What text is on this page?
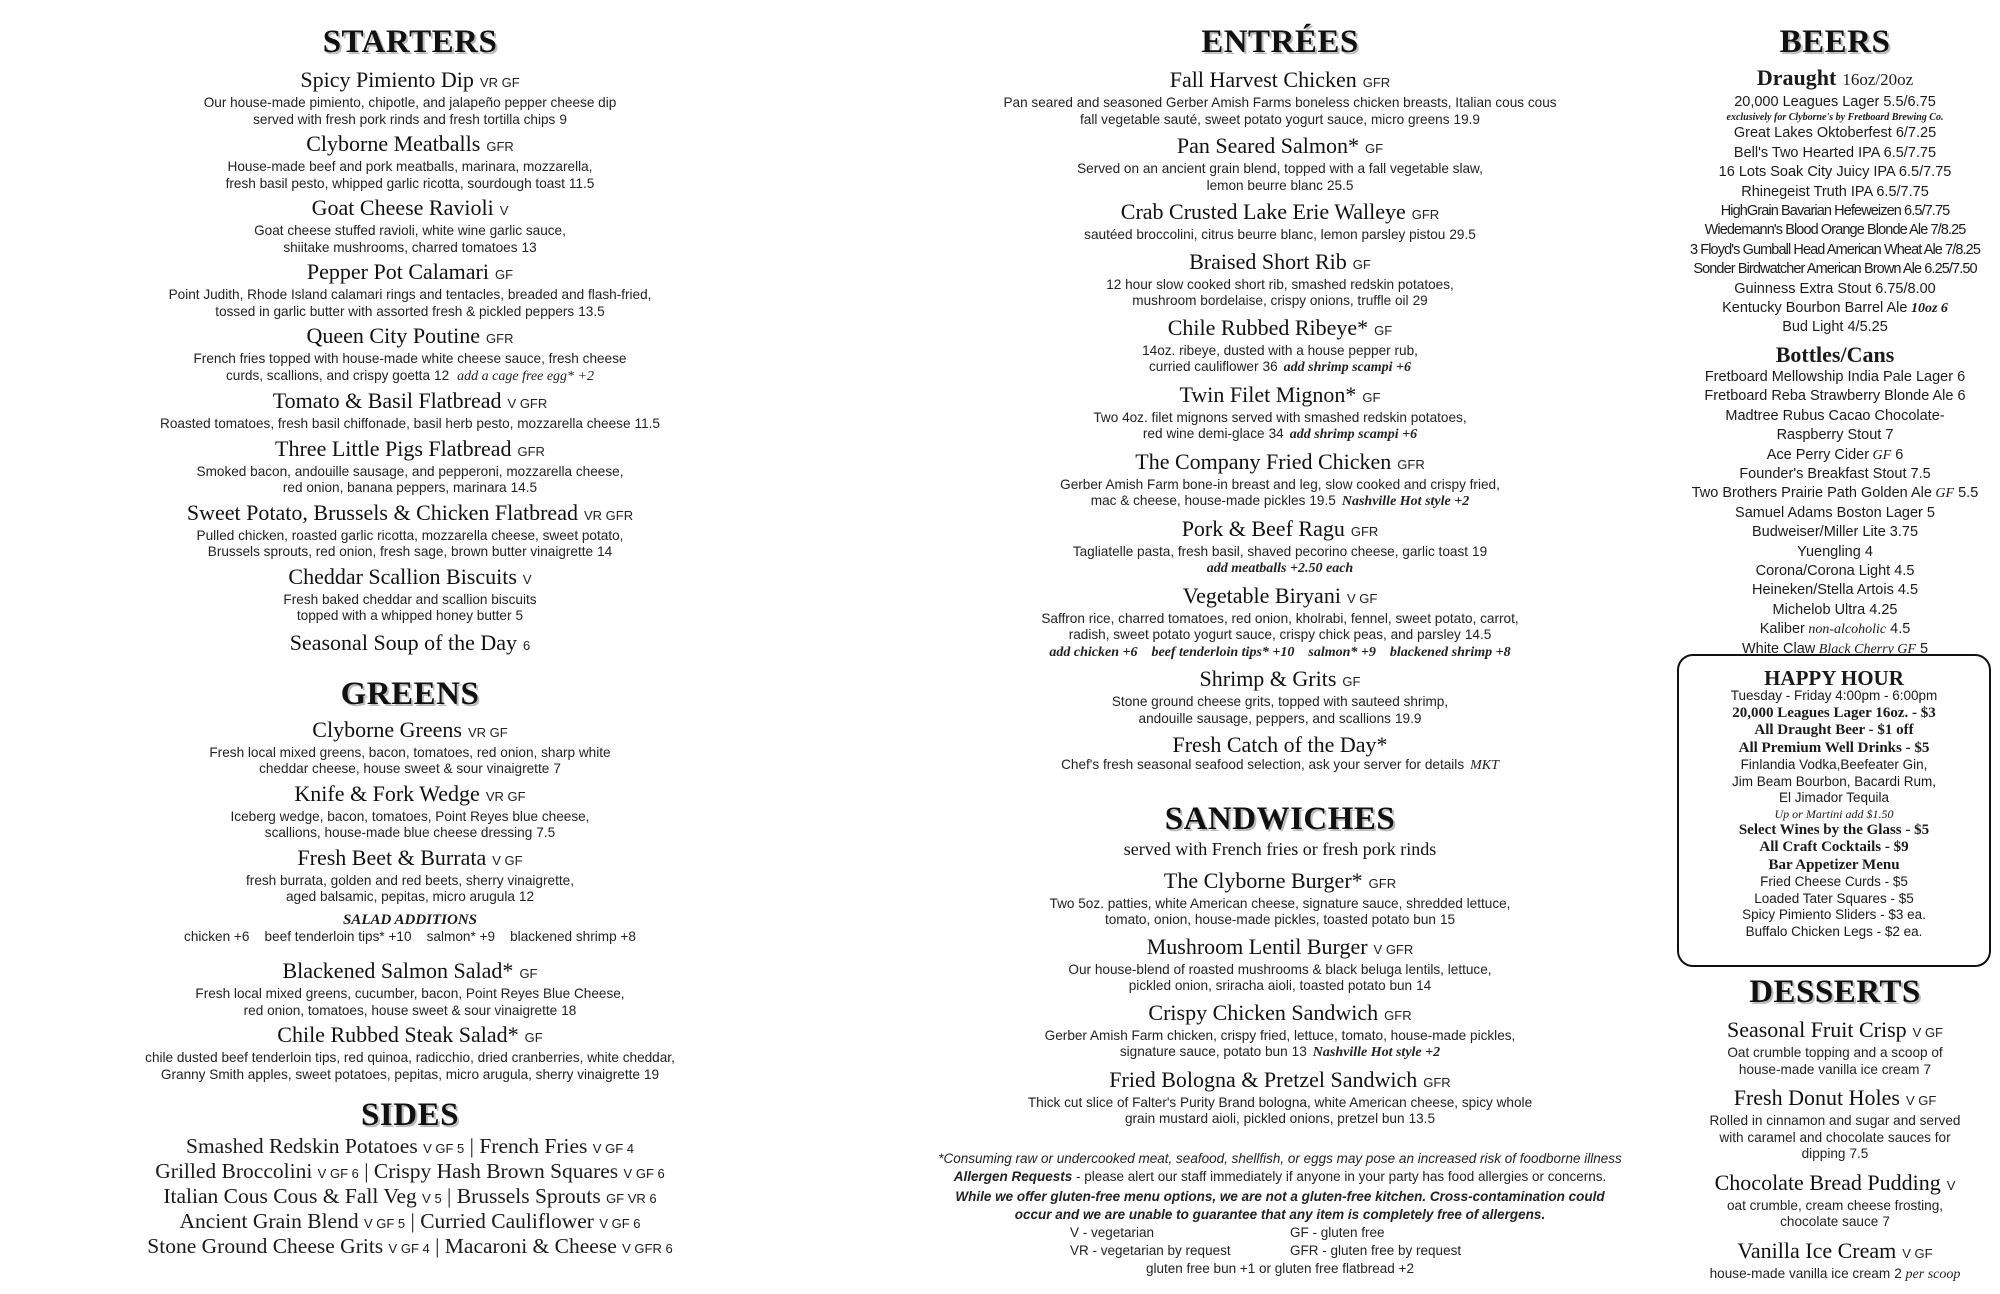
STARTERS
Spicy Pimiento Dip VR GF
Our house-made pimiento, chipotle, and jalapeño pepper cheese dip
served with fresh pork rinds and fresh tortilla chips 9
Clyborne Meatballs GFR
House-made beef and pork meatballs, marinara, mozzarella,
fresh basil pesto, whipped garlic ricotta, sourdough toast 11.5
Goat Cheese Ravioli V
Goat cheese stuffed ravioli, white wine garlic sauce,
shiitake mushrooms, charred tomatoes 13
Pepper Pot Calamari GF
Point Judith, Rhode Island calamari rings and tentacles, breaded and flash-fried,
tossed in garlic butter with assorted fresh & pickled peppers 13.5
Queen City Poutine GFR
French fries topped with house-made white cheese sauce, fresh cheese
curds, scallions, and crispy goetta 12 add a cage free egg* +2
Tomato & Basil Flatbread V GFR
Roasted tomatoes, fresh basil chiffonade, basil herb pesto, mozzarella cheese 11.5
Three Little Pigs Flatbread GFR
Smoked bacon, andouille sausage, and pepperoni, mozzarella cheese,
red onion, banana peppers, marinara 14.5
Sweet Potato, Brussels & Chicken Flatbread VR GFR
Pulled chicken, roasted garlic ricotta, mozzarella cheese, sweet potato,
Brussels sprouts, red onion, fresh sage, brown butter vinaigrette 14
Cheddar Scallion Biscuits V
Fresh baked cheddar and scallion biscuits
topped with a whipped honey butter 5
Seasonal Soup of the Day 6
GREENS
Clyborne Greens VR GF
Fresh local mixed greens, bacon, tomatoes, red onion, sharp white
cheddar cheese, house sweet & sour vinaigrette 7
Knife & Fork Wedge VR GF
Iceberg wedge, bacon, tomatoes, Point Reyes blue cheese,
scallions, house-made blue cheese dressing 7.5
Fresh Beet & Burrata V GF
fresh burrata, golden and red beets, sherry vinaigrette,
aged balsamic, pepitas, micro arugula 12
SALAD ADDITIONS
chicken +6    beef tenderloin tips* +10    salmon* +9    blackened shrimp +8
Blackened Salmon Salad* GF
Fresh local mixed greens, cucumber, bacon, Point Reyes Blue Cheese,
red onion, tomatoes, house sweet & sour vinaigrette 18
Chile Rubbed Steak Salad* GF
chile dusted beef tenderloin tips, red quinoa, radicchio, dried cranberries, white cheddar,
Granny Smith apples, sweet potatoes, pepitas, micro arugula, sherry vinaigrette 19
SIDES
Smashed Redskin Potatoes V GF 5 | French Fries V GF 4
Grilled Broccolini V GF 6 | Crispy Hash Brown Squares V GF 6
Italian Cous Cous & Fall Veg V 5 | Brussels Sprouts GF VR 6
Ancient Grain Blend V GF 5 | Curried Cauliflower V GF 6
Stone Ground Cheese Grits V GF 4 | Macaroni & Cheese V GFR 6
ENTRÉES
Fall Harvest Chicken GFR
Pan seared and seasoned Gerber Amish Farms boneless chicken breasts, Italian cous cous
fall vegetable sauté, sweet potato yogurt sauce, micro greens 19.9
Pan Seared Salmon* GF
Served on an ancient grain blend, topped with a fall vegetable slaw,
lemon beurre blanc 25.5
Crab Crusted Lake Erie Walleye GFR
sautéed broccolini, citrus beurre blanc, lemon parsley pistou 29.5
Braised Short Rib GF
12 hour slow cooked short rib, smashed redskin potatoes,
mushroom bordelaise, crispy onions, truffle oil 29
Chile Rubbed Ribeye* GF
14oz. ribeye, dusted with a house pepper rub,
curried cauliflower 36 add shrimp scampi +6
Twin Filet Mignon* GF
Two 4oz. filet mignons served with smashed redskin potatoes,
red wine demi-glace 34 add shrimp scampi +6
The Company Fried Chicken GFR
Gerber Amish Farm bone-in breast and leg, slow cooked and crispy fried,
mac & cheese, house-made pickles 19.5 Nashville Hot style +2
Pork & Beef Ragu GFR
Tagliatelle pasta, fresh basil, shaved pecorino cheese, garlic toast 19
add meatballs +2.50 each
Vegetable Biryani V GF
Saffron rice, charred tomatoes, red onion, kholrabi, fennel, sweet potato, carrot,
radish, sweet potato yogurt sauce, crispy chick peas, and parsley 14.5
add chicken +6    beef tenderloin tips* +10    salmon* +9    blackened shrimp +8
Shrimp & Grits GF
Stone ground cheese grits, topped with sauteed shrimp,
andouille sausage, peppers, and scallions 19.9
Fresh Catch of the Day*
Chef's fresh seasonal seafood selection, ask your server for details MKT
SANDWICHES
served with French fries or fresh pork rinds
The Clyborne Burger* GFR
Two 5oz. patties, white American cheese, signature sauce, shredded lettuce,
tomato, onion, house-made pickles, toasted potato bun 15
Mushroom Lentil Burger V GFR
Our house-blend of roasted mushrooms & black beluga lentils, lettuce,
pickled onion, sriracha aioli, toasted potato bun 14
Crispy Chicken Sandwich GFR
Gerber Amish Farm chicken, crispy fried, lettuce, tomato, house-made pickles,
signature sauce, potato bun 13 Nashville Hot style +2
Fried Bologna & Pretzel Sandwich GFR
Thick cut slice of Falter's Purity Brand bologna, white American cheese, spicy whole
grain mustard aioli, pickled onions, pretzel bun 13.5
*Consuming raw or undercooked meat, seafood, shellfish, or eggs may pose an increased risk of foodborne illness
Allergen Requests - please alert our staff immediately if anyone in your party has food allergies or concerns.
While we offer gluten-free menu options, we are not a gluten-free kitchen. Cross-contamination could
occur and we are unable to guarantee that any item is completely free of allergens.
V - vegetarian	GF - gluten free
VR - vegetarian by request	GFR - gluten free by request
gluten free bun +1 or gluten free flatbread +2
BEERS
Draught 16oz/20oz
20,000 Leagues Lager 5.5/6.75
exclusively for Clyborne's by Fretboard Brewing Co.
Great Lakes Oktoberfest 6/7.25
Bell's Two Hearted IPA 6.5/7.75
16 Lots Soak City Juicy IPA 6.5/7.75
Rhinegeist Truth IPA 6.5/7.75
HighGrain Bavarian Hefeweizen 6.5/7.75
Wiedemann's Blood Orange Blonde Ale 7/8.25
3 Floyd's Gumball Head American Wheat Ale 7/8.25
Sonder Birdwatcher American Brown Ale 6.25/7.50
Guinness Extra Stout 6.75/8.00
Kentucky Bourbon Barrel Ale 10oz 6
Bud Light 4/5.25
Bottles/Cans
Fretboard Mellowship India Pale Lager 6
Fretboard Reba Strawberry Blonde Ale 6
Madtree Rubus Cacao Chocolate-
Raspberry Stout 7
Ace Perry Cider GF 6
Founder's Breakfast Stout 7.5
Two Brothers Prairie Path Golden Ale GF 5.5
Samuel Adams Boston Lager 5
Budweiser/Miller Lite 3.75
Yuengling 4
Corona/Corona Light 4.5
Heineken/Stella Artois 4.5
Michelob Ultra 4.25
Kaliber non-alcoholic 4.5
White Claw Black Cherry GF 5
HAPPY HOUR
Tuesday - Friday 4:00pm - 6:00pm
20,000 Leagues Lager 16oz. - $3
All Draught Beer - $1 off
All Premium Well Drinks - $5
Finlandia Vodka,Beefeater Gin,
Jim Beam Bourbon, Bacardi Rum,
El Jimador Tequila
Up or Martini add $1.50
Select Wines by the Glass - $5
All Craft Cocktails - $9
Bar Appetizer Menu
Fried Cheese Curds - $5
Loaded Tater Squares - $5
Spicy Pimiento Sliders - $3 ea.
Buffalo Chicken Legs - $2 ea.
DESSERTS
Seasonal Fruit Crisp V GF
Oat crumble topping and a scoop of
house-made vanilla ice cream 7
Fresh Donut Holes V GF
Rolled in cinnamon and sugar and served
with caramel and chocolate sauces for
dipping 7.5
Chocolate Bread Pudding V
oat crumble, cream cheese frosting,
chocolate sauce 7
Vanilla Ice Cream V GF
house-made vanilla ice cream 2 per scoop
